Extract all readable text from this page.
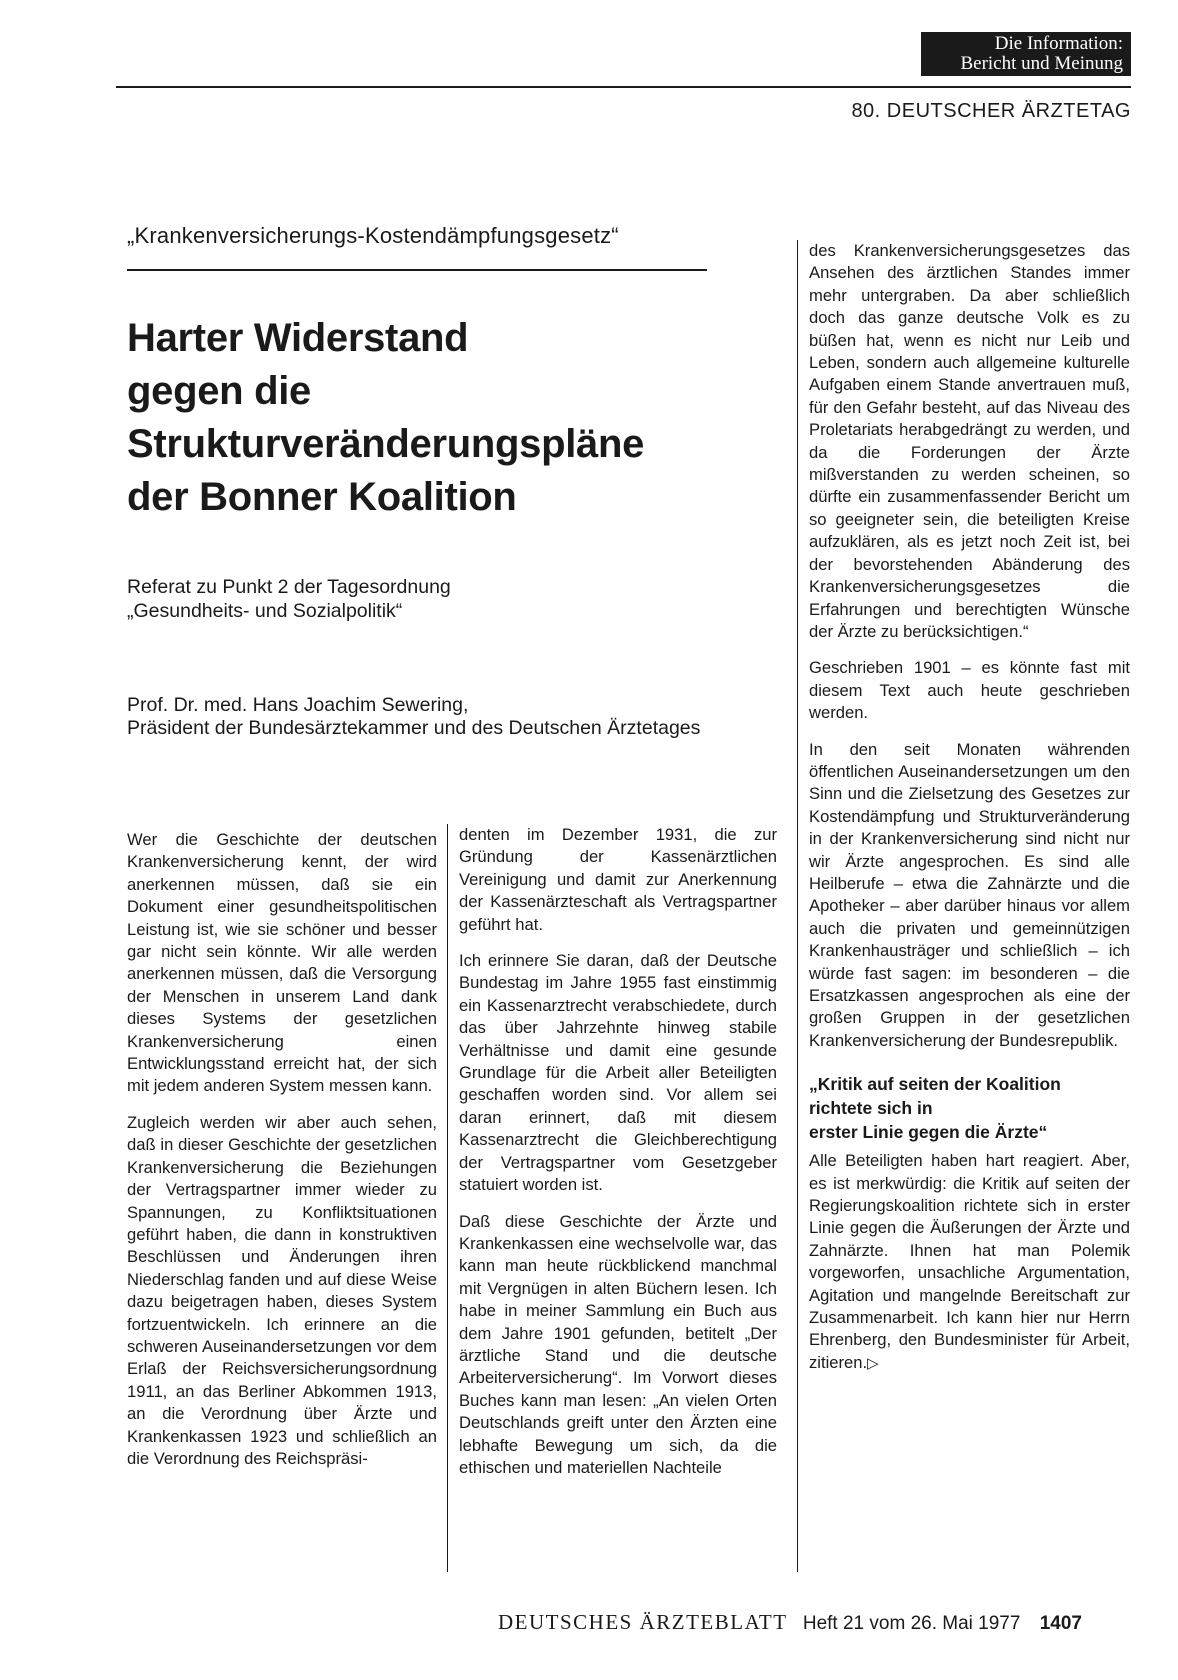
Die Information:
Bericht und Meinung
80. DEUTSCHER ÄRZTETAG
„Krankenversicherungs-Kostendämpfungsgesetz“
Harter Widerstand
gegen die
Strukturveränderungspläne
der Bonner Koalition
Referat zu Punkt 2 der Tagesordnung
„Gesundheits- und Sozialpolitik“
Prof. Dr. med. Hans Joachim Sewering,
Präsident der Bundesärztekammer und des Deutschen Ärztetages

Wer die Geschichte der deutschen Krankenversicherung kennt, der wird anerkennen müssen, daß sie ein Dokument einer gesundheitspolitischen Leistung ist, wie sie schöner und besser gar nicht sein könnte. Wir alle werden anerkennen müssen, daß die Versorgung der Menschen in unserem Land dank dieses Systems der gesetzlichen Krankenversicherung einen Entwicklungsstand erreicht hat, der sich mit jedem anderen System messen kann.

Zugleich werden wir aber auch sehen, daß in dieser Geschichte der gesetzlichen Krankenversicherung die Beziehungen der Vertragspartner immer wieder zu Spannungen, zu Konfliktsituationen geführt haben, die dann in konstruktiven Beschlüssen und Änderungen ihren Niederschlag fanden und auf diese Weise dazu beigetragen haben, dieses System fortzuentwickeln. Ich erinnere an die schweren Auseinandersetzungen vor dem Erlaß der Reichsversicherungsordnung 1911, an das Berliner Abkommen 1913, an die Verordnung über Ärzte und Krankenkassen 1923 und schließlich an die Verordnung des Reichspräsi-

denten im Dezember 1931, die zur Gründung der Kassenärztlichen Vereinigung und damit zur Anerkennung der Kassenärzteschaft als Vertragspartner geführt hat.

Ich erinnere Sie daran, daß der Deutsche Bundestag im Jahre 1955 fast einstimmig ein Kassenarztrecht verabschiedete, durch das über Jahrzehnte hinweg stabile Verhältnisse und damit eine gesunde Grundlage für die Arbeit aller Beteiligten geschaffen worden sind. Vor allem sei daran erinnert, daß mit diesem Kassenarztrecht die Gleichberechtigung der Vertragspartner vom Gesetzgeber statuiert worden ist.

Daß diese Geschichte der Ärzte und Krankenkassen eine wechselvolle war, das kann man heute rückblickend manchmal mit Vergnügen in alten Büchern lesen. Ich habe in meiner Sammlung ein Buch aus dem Jahre 1901 gefunden, betitelt „Der ärztliche Stand und die deutsche Arbeiterversicherung“. Im Vorwort dieses Buches kann man lesen: „An vielen Orten Deutschlands greift unter den Ärzten eine lebhafte Bewegung um sich, da die ethischen und materiellen Nachteile

des Krankenversicherungsgesetzes das Ansehen des ärztlichen Standes immer mehr untergraben. Da aber schließlich doch das ganze deutsche Volk es zu büßen hat, wenn es nicht nur Leib und Leben, sondern auch allgemeine kulturelle Aufgaben einem Stande anvertrauen muß, für den Gefahr besteht, auf das Niveau des Proletariats herabgedrängt zu werden, und da die Forderungen der Ärzte mißverstanden zu werden scheinen, so dürfte ein zusammenfassender Bericht um so geeigneter sein, die beteiligten Kreise aufzuklären, als es jetzt noch Zeit ist, bei der bevorstehenden Abänderung des Krankenversicherungsgesetzes die Erfahrungen und berechtigten Wünsche der Ärzte zu berücksichtigen.“

Geschrieben 1901 – es könnte fast mit diesem Text auch heute geschrieben werden.

In den seit Monaten währenden öffentlichen Auseinandersetzungen um den Sinn und die Zielsetzung des Gesetzes zur Kostendämpfung und Strukturveränderung in der Krankenversicherung sind nicht nur wir Ärzte angesprochen. Es sind alle Heilberufe – etwa die Zahnärzte und die Apotheker – aber darüber hinaus vor allem auch die privaten und gemeinnützigen Krankenhausträger und schließlich – ich würde fast sagen: im besonderen – die Ersatzkassen angesprochen als eine der großen Gruppen in der gesetzlichen Krankenversicherung der Bundesrepublik.

„Kritik auf seiten der Koalition
richtete sich in
erster Linie gegen die Ärzte“

Alle Beteiligten haben hart reagiert. Aber, es ist merkwürdig: die Kritik auf seiten der Regierungskoalition richtete sich in erster Linie gegen die Äußerungen der Ärzte und Zahnärzte. Ihnen hat man Polemik vorgeworfen, unsachliche Argumentation, Agitation und mangelnde Bereitschaft zur Zusammenarbeit. Ich kann hier nur Herrn Ehrenberg, den Bundesminister für Arbeit, zitieren.▷

DEUTSCHES ÄRZTEBLATT Heft 21 vom 26. Mai 1977 1407
